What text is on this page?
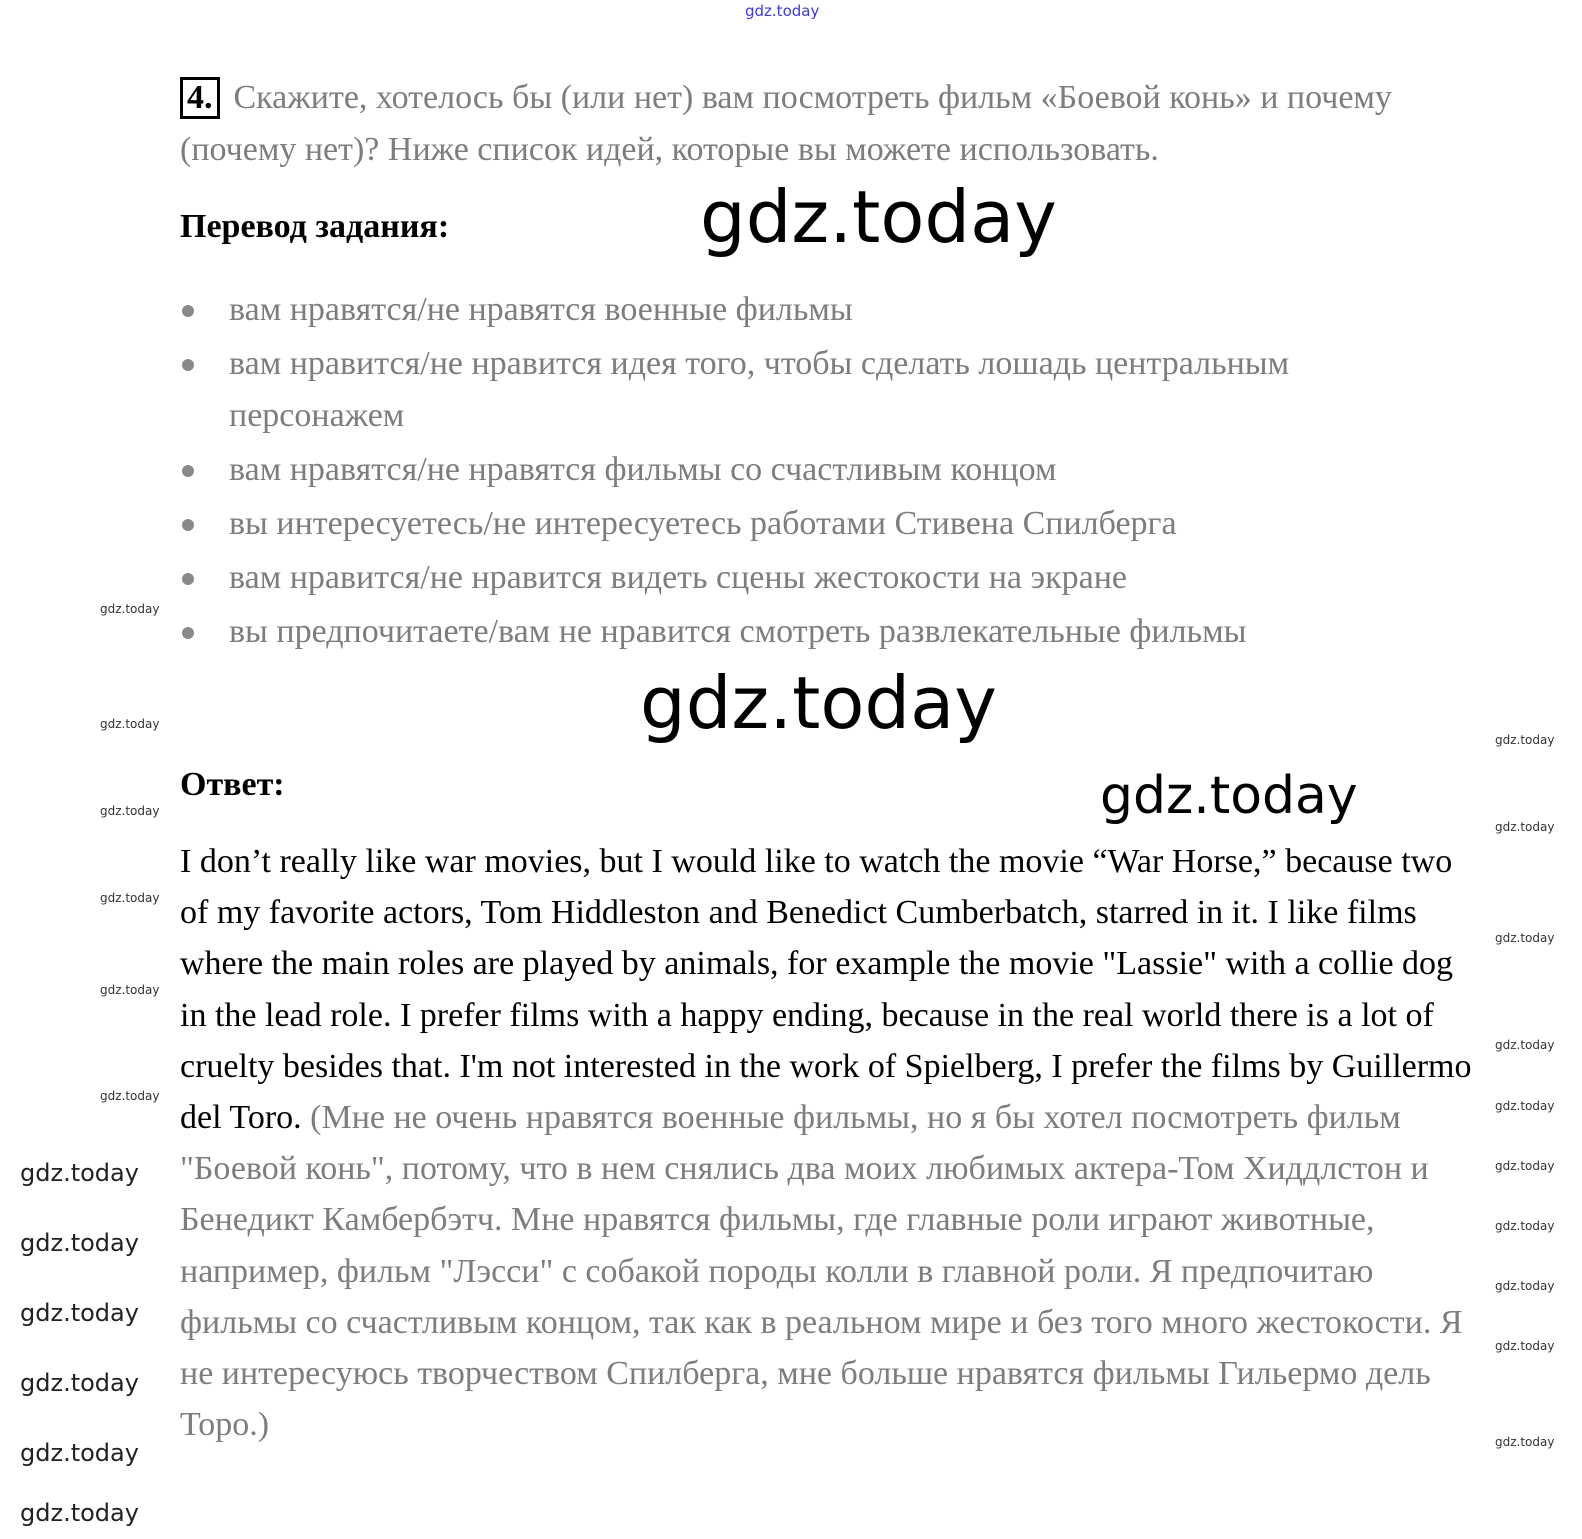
gdz.today
4. Скажите, хотелось бы (или нет) вам посмотреть фильм «Боевой конь» и почему (почему нет)? Ниже список идей, которые вы можете использовать.
Перевод задания:
вам нравятся/не нравятся военные фильмы
вам нравится/не нравится идея того, чтобы сделать лошадь центральным персонажем
вам нравятся/не нравятся фильмы со счастливым концом
вы интересуетесь/не интересуетесь работами Стивена Спилберга
вам нравится/не нравится видеть сцены жестокости на экране
вы предпочитаете/вам не нравится смотреть развлекательные фильмы
Ответ:
I don’t really like war movies, but I would like to watch the movie “War Horse,” because two of my favorite actors, Tom Hiddleston and Benedict Cumberbatch, starred in it. I like films where the main roles are played by animals, for example the movie "Lassie" with a collie dog in the lead role. I prefer films with a happy ending, because in the real world there is a lot of cruelty besides that. I'm not interested in the work of Spielberg, I prefer the films by Guillermo del Toro. (Мне не очень нравятся военные фильмы, но я бы хотел посмотреть фильм "Боевой конь", потому, что в нем снялись два моих любимых актера-Том Хиддлстон и Бенедикт Камбербэтч. Мне нравятся фильмы, где главные роли играют животные, например, фильм "Лэсси" с собакой породы колли в главной роли. Я предпочитаю фильмы со счастливым концом, так как в реальном мире и без того много жестокости. Я не интересуюсь творчеством Спилберга, мне больше нравятся фильмы Гильермо дель Торо.)
gdz.today
gdz.today
gdz.today
gdz.today
gdz.today
gdz.today
gdz.today
gdz.today
gdz.today
gdz.today
gdz.today
gdz.today
gdz.today
gdz.today
gdz.today
gdz.today
gdz.today
gdz.today
gdz.today
gdz.today
gdz.today
gdz.today
gdz.today
gdz.today
gdz.today
